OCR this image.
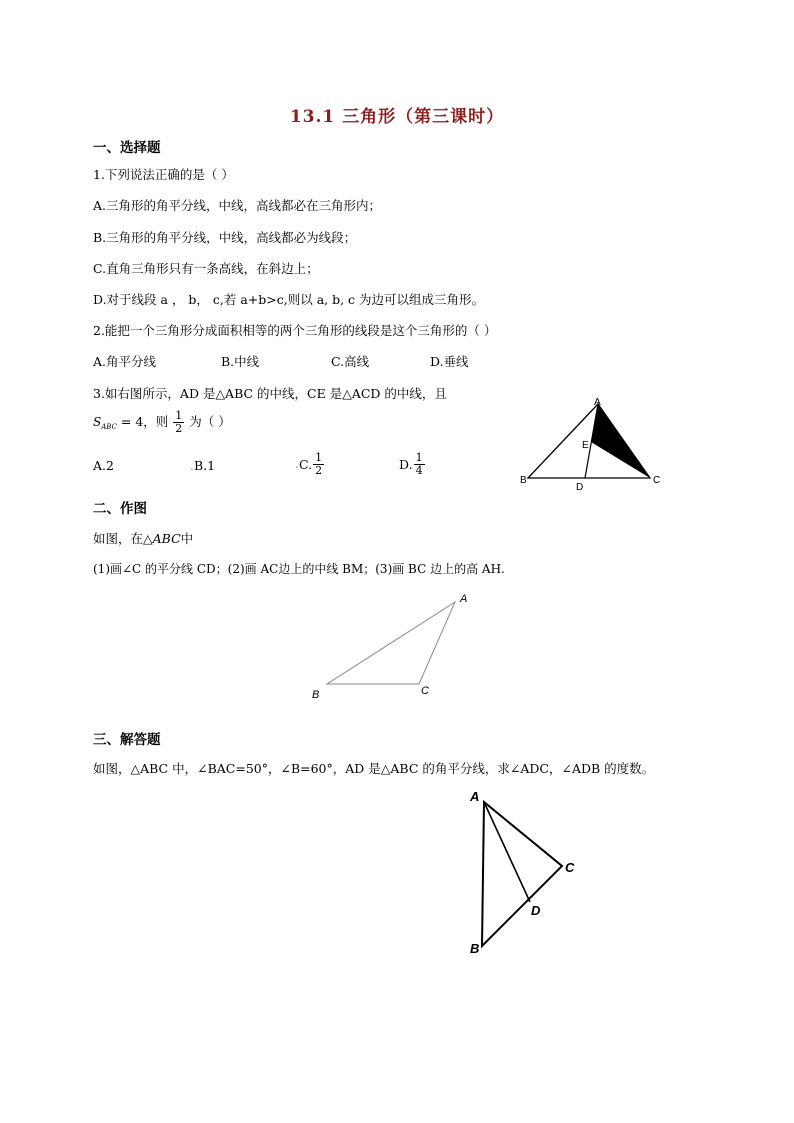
13.1 三角形（第三课时）
一、选择题
1.下列说法正确的是（ ）
A.三角形的角平分线，中线，高线都必在三角形内；
B.三角形的角平分线，中线，高线都必为线段；
C.直角三角形只有一条高线，在斜边上；
D.对于线段 a ， b， c,若 a+b>c,则以 a, b, c 为边可以组成三角形。
2.能把一个三角形分成面积相等的两个三角形的线段是这个三角形的（ ）
A.角平分线	B.中线	C.高线	D.垂线
3.如右图所示，AD 是△ABC 的中线，CE 是△ACD 的中线，且
$S_{ABC} = 4$，则 $\frac{1}{2}$ 为（ ）
A.2	.B.1	.C. $\frac{1}{2}$	D. $\frac{1}{4}$
A
B	C
D
E
二、作图
如图，在△ABC中
(1)画∠C 的平分线 CD；(2)画 AC边上的中线 BM；(3)画 BC 边上的高 AH.
A
B	C
三、解答题
如图，△ABC 中，∠BAC=50°，∠B=60°，AD 是△ABC 的角平分线，求∠ADC，∠ADB 的度数。
A
B
C
D
